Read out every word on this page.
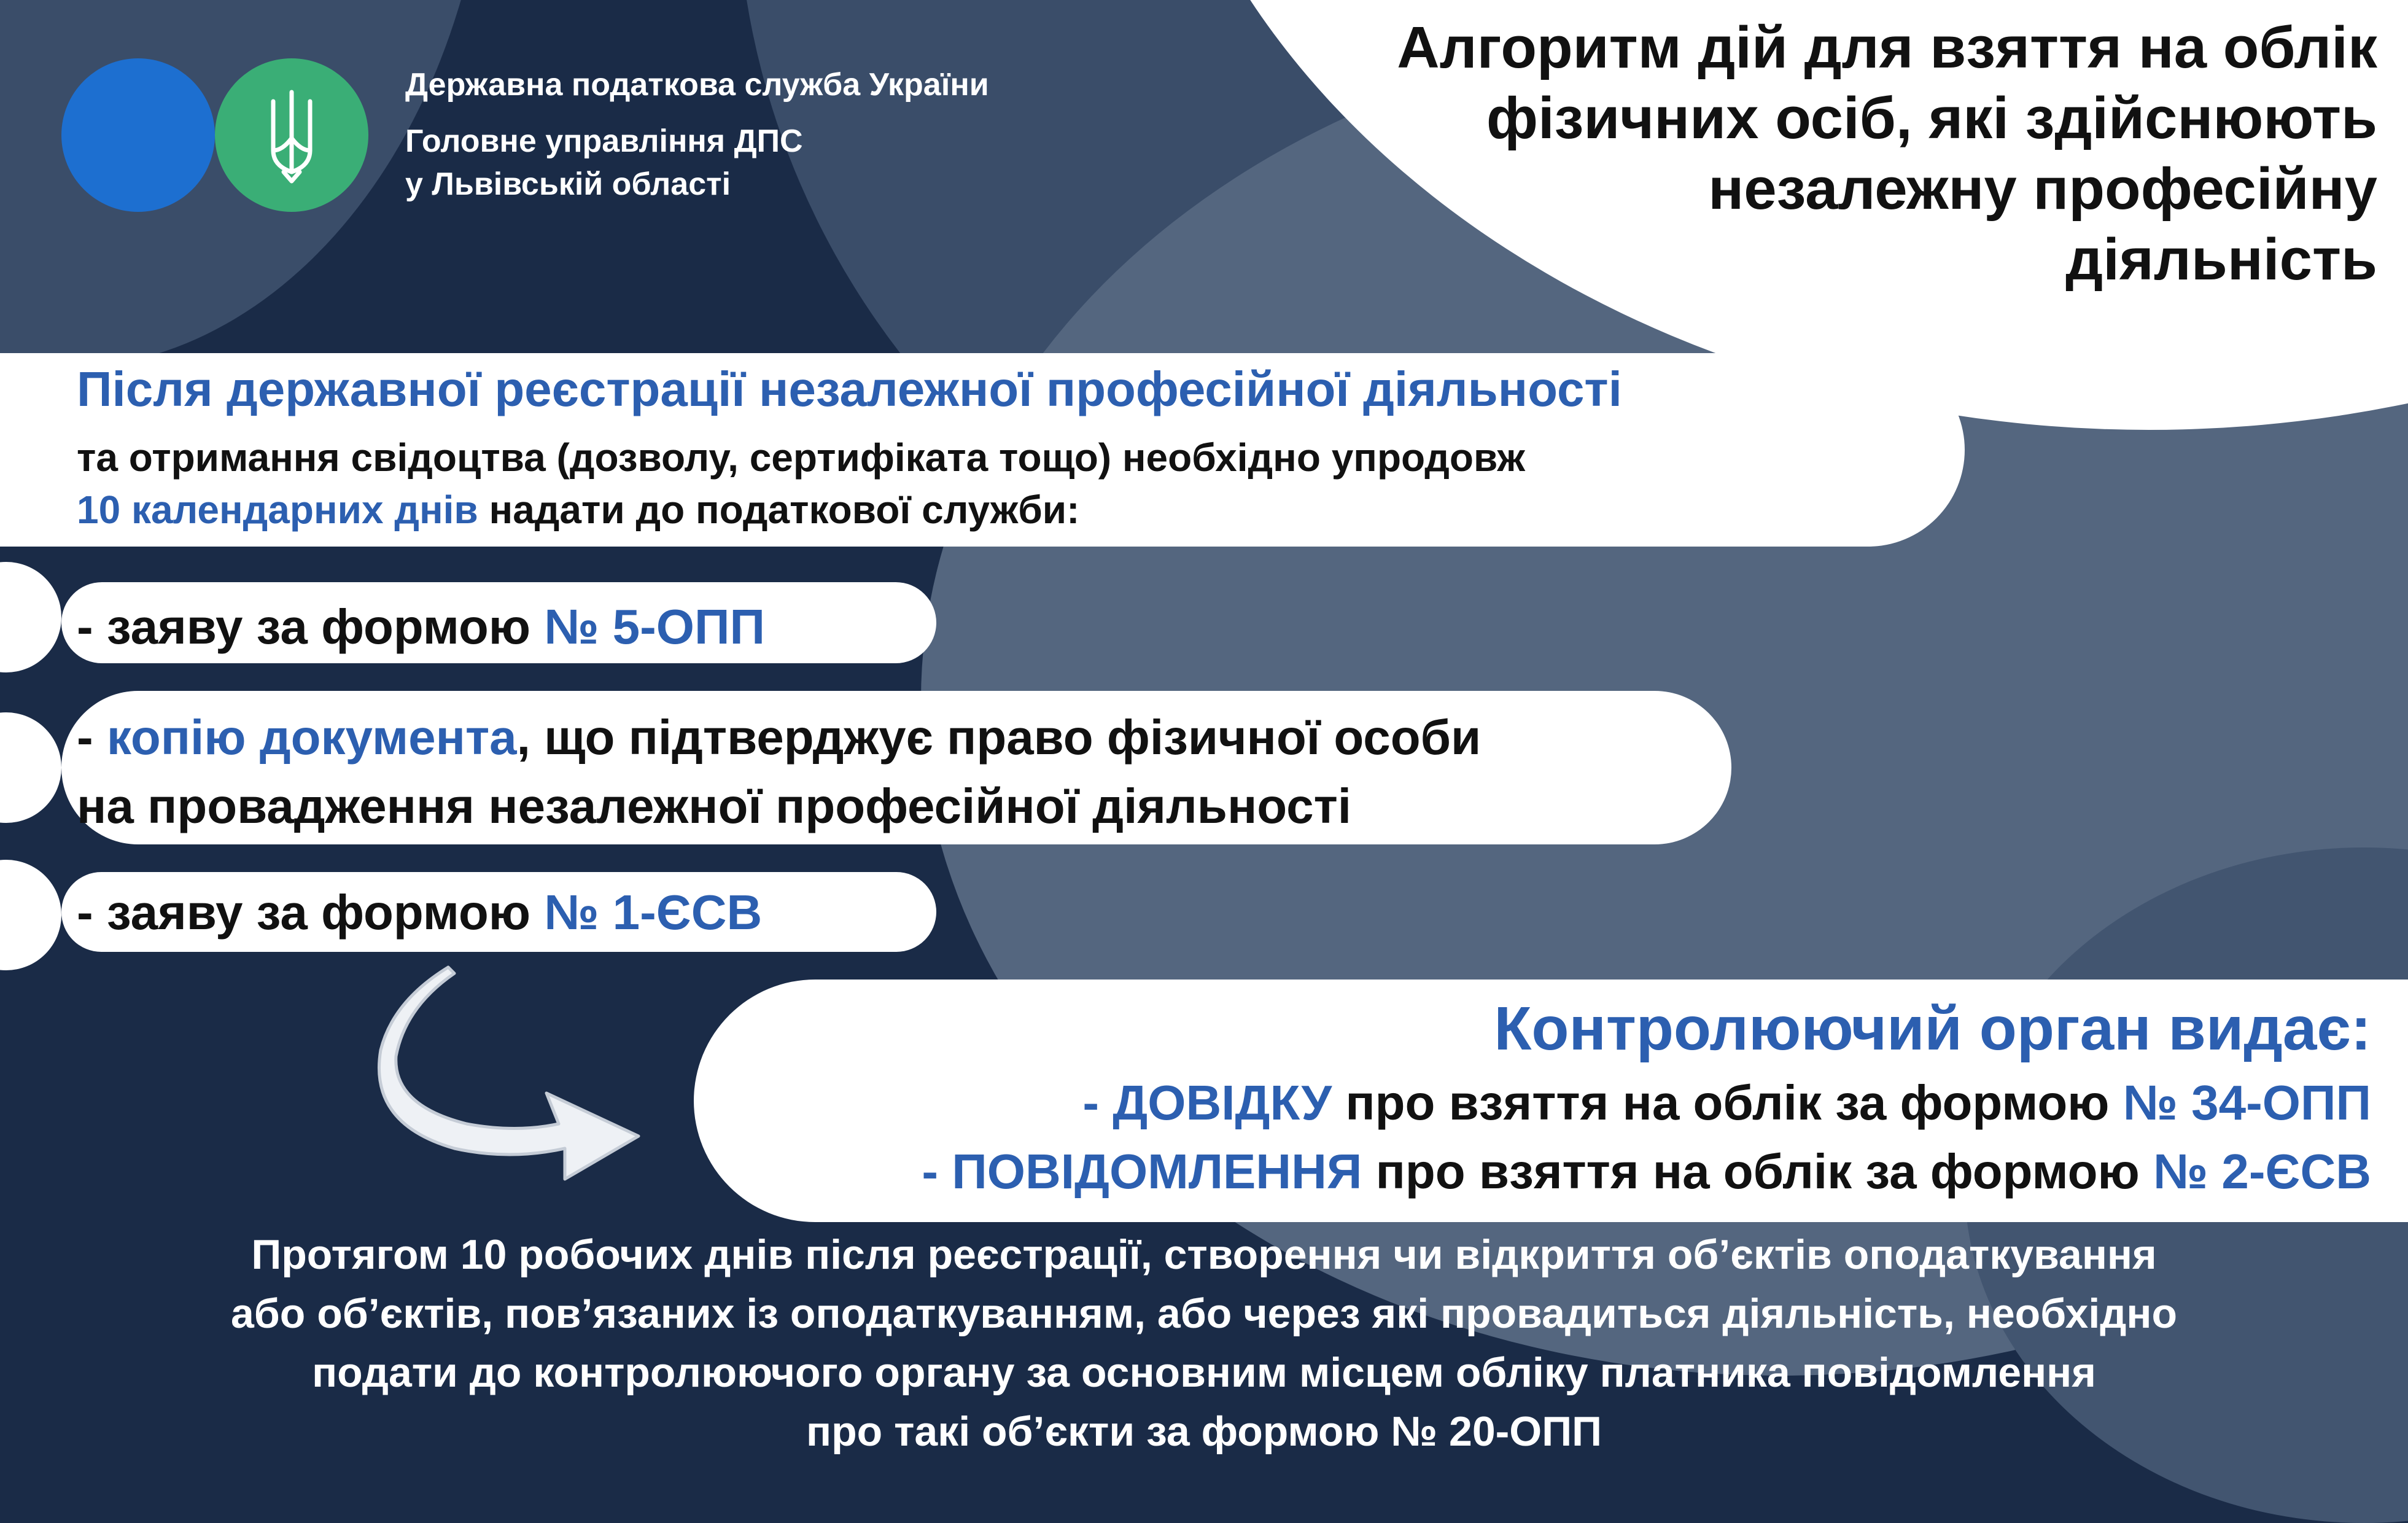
Державна податкова служба України
Головне управління ДПС
у Львівській області
Алгоритм дій для взяття на облік
фізичних осіб, які здійснюють
незалежну професійну
діяльність
Після державної реєстрації незалежної професійної діяльності
та отримання свідоцтва (дозволу, сертифіката тощо) необхідно упродовж
10 календарних днів надати до податкової служби:
- заяву за формою № 5-ОПП
- копію документа, що підтверджує право фізичної особи
на провадження незалежної професійної діяльності
- заяву за формою № 1-ЄСВ
Контролюючий орган видає:
- ДОВІДКУ про взяття на облік за формою № 34-ОПП
- ПОВІДОМЛЕННЯ про взяття на облік за формою № 2-ЄСВ
Протягом 10 робочих днів після реєстрації, створення чи відкриття об’єктів оподаткування
або об’єктів, пов’язаних із оподаткуванням, або через які провадиться діяльність, необхідно
подати до контролюючого органу за основним місцем обліку платника повідомлення
про такі об’єкти за формою № 20-ОПП
